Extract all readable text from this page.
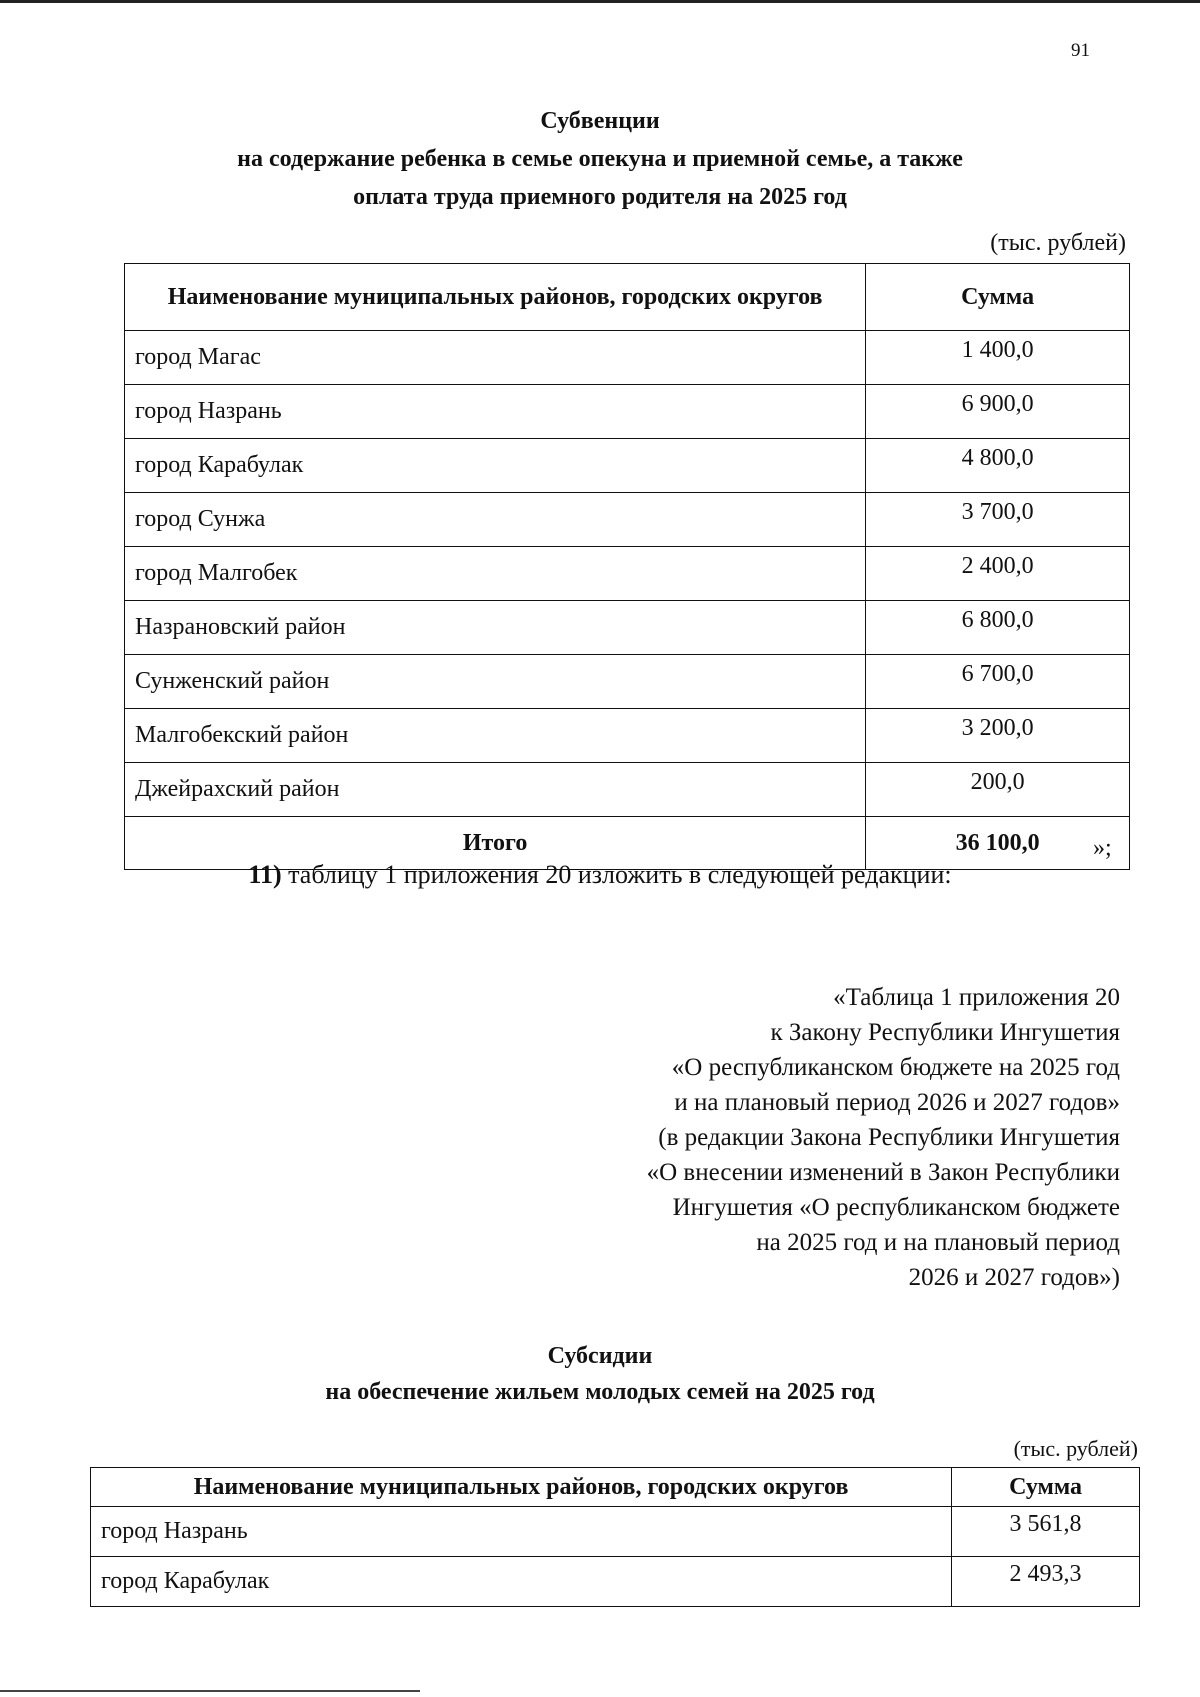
91
Субвенции
на содержание ребенка в семье опекуна и приемной семье, а также
оплата труда приемного родителя на 2025 год
(тыс. рублей)
Наименование муниципальных районов, городских округов	Сумма
город Магас	1 400,0
город Назрань	6 900,0
город Карабулак	4 800,0
город Сунжа	3 700,0
город Малгобек	2 400,0
Назрановский район	6 800,0
Сунженский район	6 700,0
Малгобекский район	3 200,0
Джейрахский район	200,0
Итого	36 100,0 »;
11) таблицу 1 приложения 20 изложить в следующей редакции:
«Таблица 1 приложения 20
к Закону Республики Ингушетия
«О республиканском бюджете на 2025 год
и на плановый период 2026 и 2027 годов»
(в редакции Закона Республики Ингушетия
«О внесении изменений в Закон Республики
Ингушетия «О республиканском бюджете
на 2025 год и на плановый период
2026 и 2027 годов»)
Субсидии
на обеспечение жильем молодых семей на 2025 год
(тыс. рублей)
Наименование муниципальных районов, городских округов	Сумма
город Назрань	3 561,8
город Карабулак	2 493,3
